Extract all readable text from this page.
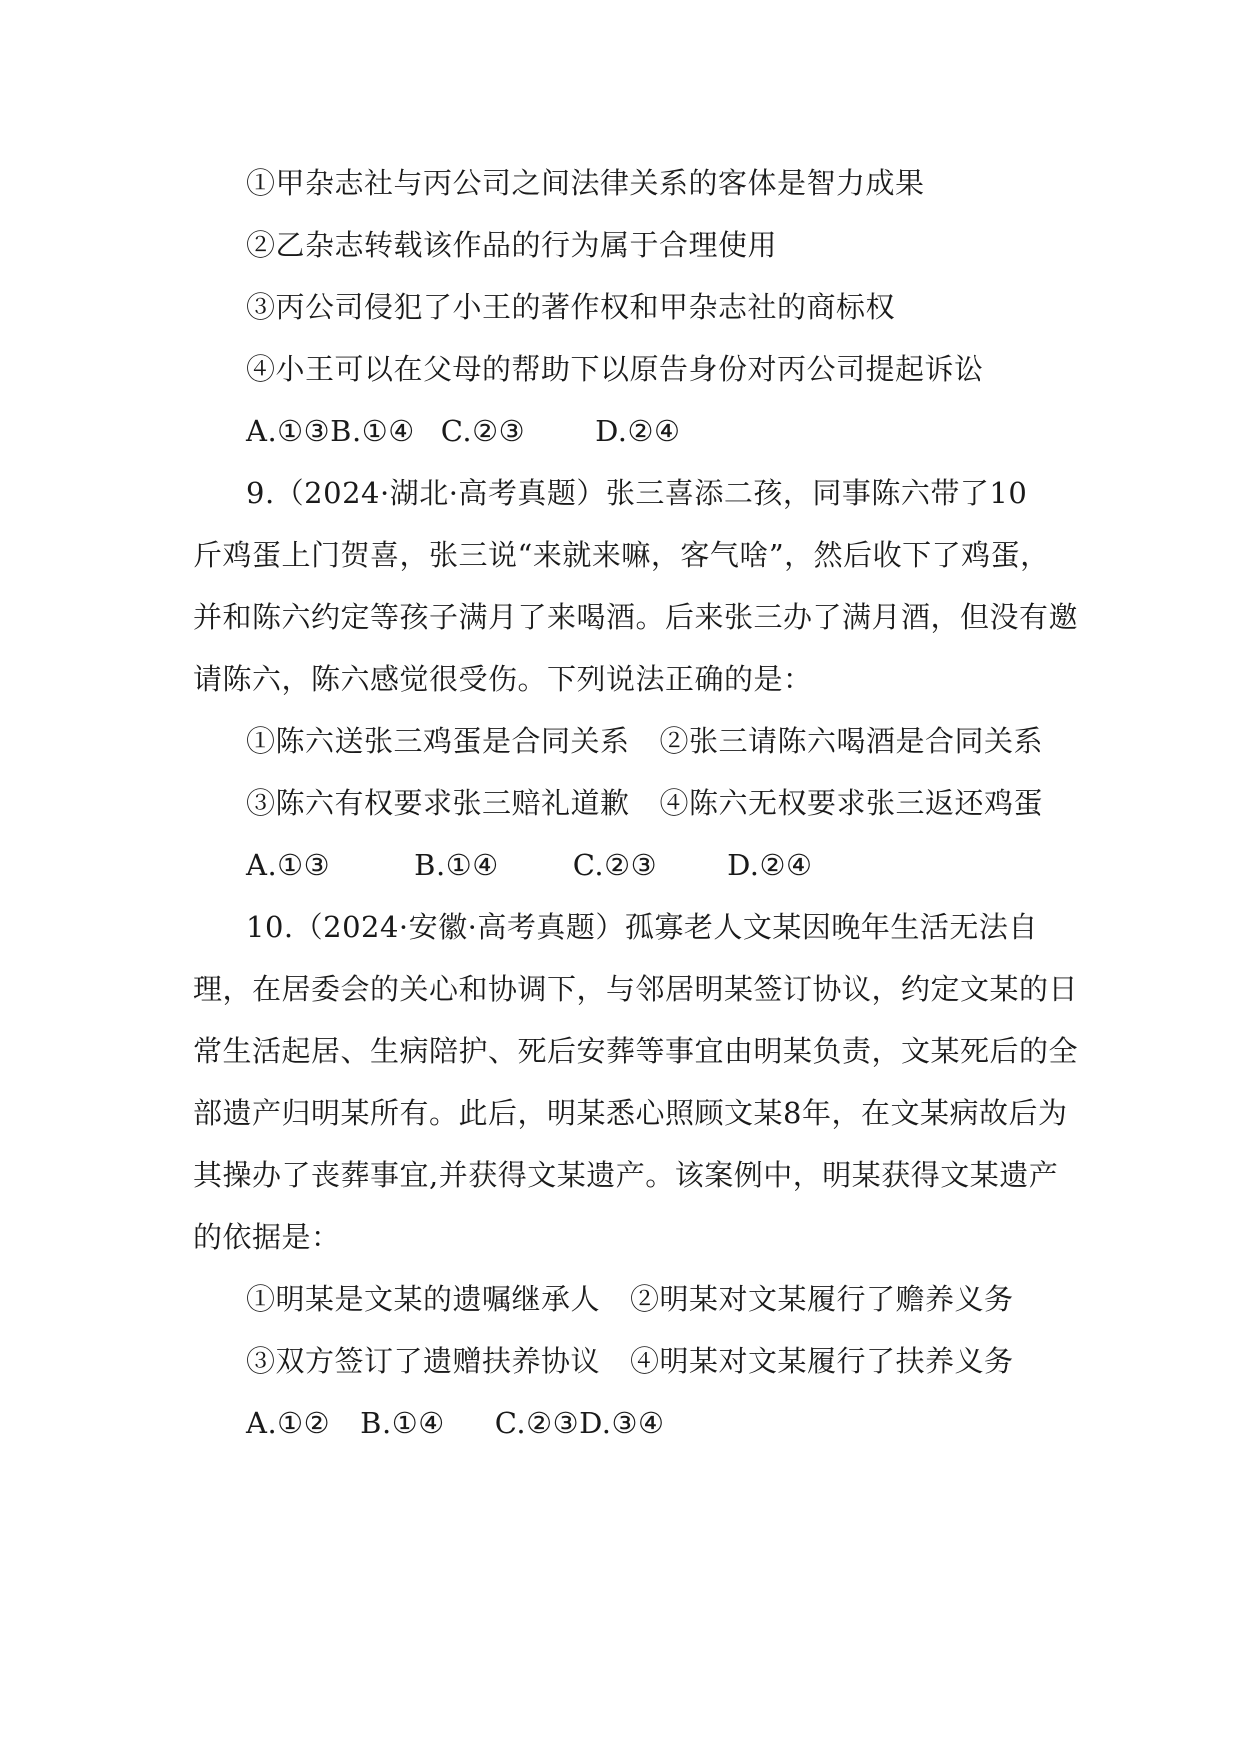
①甲杂志社与丙公司之间法律关系的客体是智力成果
②乙杂志转载该作品的行为属于合理使用
③丙公司侵犯了小王的著作权和甲杂志社的商标权
④小王可以在父母的帮助下以原告身份对丙公司提起诉讼
A.①③B.①④ C.②③ D.②④
9.（2024·湖北·高考真题）张三喜添二孩，同事陈六带了10
斤鸡蛋上门贺喜，张三说“来就来嘛，客气啥”，然后收下了鸡蛋，
并和陈六约定等孩子满月了来喝酒。后来张三办了满月酒，但没有邀
请陈六，陈六感觉很受伤。下列说法正确的是：
①陈六送张三鸡蛋是合同关系 ②张三请陈六喝酒是合同关系
③陈六有权要求张三赔礼道歉 ④陈六无权要求张三返还鸡蛋
A.①③	B.①④	C.②③ D.②④
10.（2024·安徽·高考真题）孤寡老人文某因晚年生活无法自
理，在居委会的关心和协调下，与邻居明某签订协议，约定文某的日
常生活起居、生病陪护、死后安葬等事宜由明某负责，文某死后的全
部遗产归明某所有。此后，明某悉心照顾文某8年，在文某病故后为
其操办了丧葬事宜,并获得文某遗产。该案例中，明某获得文某遗产
的依据是：
①明某是文某的遗嘱继承人 ②明某对文某履行了赡养义务
③双方签订了遗赠扶养协议 ④明某对文某履行了扶养义务
A.①② B.①④ C.②③D.③④
